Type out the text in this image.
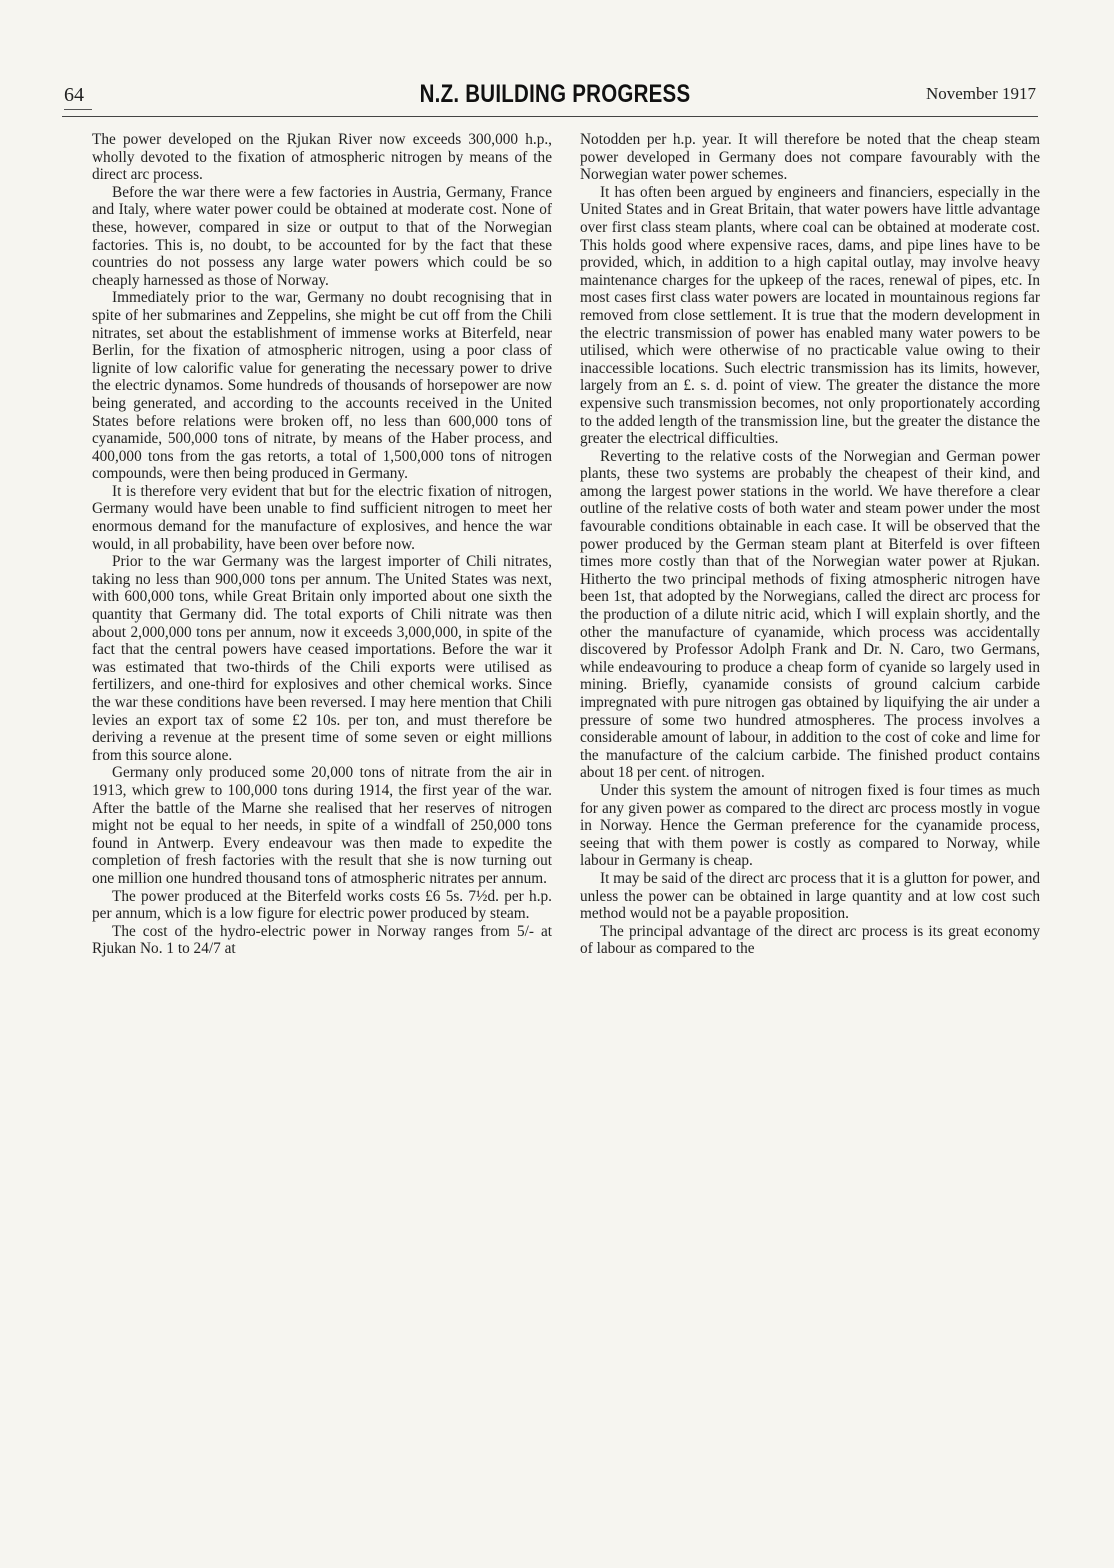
64	N.Z. BUILDING PROGRESS	November 1917

The power developed on the Rjukan River now exceeds 300,000 h.p., wholly devoted to the fixation of atmospheric nitrogen by means of the direct arc process.

Before the war there were a few factories in Austria, Germany, France and Italy, where water power could be obtained at moderate cost. None of these, however, compared in size or output to that of the Norwegian factories. This is, no doubt, to be accounted for by the fact that these countries do not possess any large water powers which could be so cheaply harnessed as those of Norway.

Immediately prior to the war, Germany no doubt recognising that in spite of her submarines and Zeppelins, she might be cut off from the Chili nitrates, set about the establishment of immense works at Biterfeld, near Berlin, for the fixation of atmospheric nitrogen, using a poor class of lignite of low calorific value for generating the necessary power to drive the electric dynamos. Some hundreds of thousands of horsepower are now being generated, and according to the accounts received in the United States before relations were broken off, no less than 600,000 tons of cyanamide, 500,000 tons of nitrate, by means of the Haber process, and 400,000 tons from the gas retorts, a total of 1,500,000 tons of nitrogen compounds, were then being produced in Germany.

It is therefore very evident that but for the electric fixation of nitrogen, Germany would have been unable to find sufficient nitrogen to meet her enormous demand for the manufacture of explosives, and hence the war would, in all probability, have been over before now.

Prior to the war Germany was the largest importer of Chili nitrates, taking no less than 900,000 tons per annum. The United States was next, with 600,000 tons, while Great Britain only imported about one sixth the quantity that Germany did. The total exports of Chili nitrate was then about 2,000,000 tons per annum, now it exceeds 3,000,000, in spite of the fact that the central powers have ceased importations. Before the war it was estimated that two-thirds of the Chili exports were utilised as fertilizers, and one-third for explosives and other chemical works. Since the war these conditions have been reversed. I may here mention that Chili levies an export tax of some £2 10s. per ton, and must therefore be deriving a revenue at the present time of some seven or eight millions from this source alone.

Germany only produced some 20,000 tons of nitrate from the air in 1913, which grew to 100,000 tons during 1914, the first year of the war. After the battle of the Marne she realised that her reserves of nitrogen might not be equal to her needs, in spite of a windfall of 250,000 tons found in Antwerp. Every endeavour was then made to expedite the completion of fresh factories with the result that she is now turning out one million one hundred thousand tons of atmospheric nitrates per annum.

The power produced at the Biterfeld works costs £6 5s. 7½d. per h.p. per annum, which is a low figure for electric power produced by steam.

The cost of the hydro-electric power in Norway ranges from 5/- at Rjukan No. 1 to 24/7 at

Notodden per h.p. year. It will therefore be noted that the cheap steam power developed in Germany does not compare favourably with the Norwegian water power schemes.

It has often been argued by engineers and financiers, especially in the United States and in Great Britain, that water powers have little advantage over first class steam plants, where coal can be obtained at moderate cost. This holds good where expensive races, dams, and pipe lines have to be provided, which, in addition to a high capital outlay, may involve heavy maintenance charges for the upkeep of the races, renewal of pipes, etc. In most cases first class water powers are located in mountainous regions far removed from close settlement. It is true that the modern development in the electric transmission of power has enabled many water powers to be utilised, which were otherwise of no practicable value owing to their inaccessible locations. Such electric transmission has its limits, however, largely from an £. s. d. point of view. The greater the distance the more expensive such transmission becomes, not only proportionately according to the added length of the transmission line, but the greater the distance the greater the electrical difficulties.

Reverting to the relative costs of the Norwegian and German power plants, these two systems are probably the cheapest of their kind, and among the largest power stations in the world. We have therefore a clear outline of the relative costs of both water and steam power under the most favourable conditions obtainable in each case. It will be observed that the power produced by the German steam plant at Biterfeld is over fifteen times more costly than that of the Norwegian water power at Rjukan. Hitherto the two principal methods of fixing atmospheric nitrogen have been 1st, that adopted by the Norwegians, called the direct arc process for the production of a dilute nitric acid, which I will explain shortly, and the other the manufacture of cyanamide, which process was accidentally discovered by Professor Adolph Frank and Dr. N. Caro, two Germans, while endeavouring to produce a cheap form of cyanide so largely used in mining. Briefly, cyanamide consists of ground calcium carbide impregnated with pure nitrogen gas obtained by liquifying the air under a pressure of some two hundred atmospheres. The process involves a considerable amount of labour, in addition to the cost of coke and lime for the manufacture of the calcium carbide. The finished product contains about 18 per cent. of nitrogen.

Under this system the amount of nitrogen fixed is four times as much for any given power as compared to the direct arc process mostly in vogue in Norway. Hence the German preference for the cyanamide process, seeing that with them power is costly as compared to Norway, while labour in Germany is cheap.

It may be said of the direct arc process that it is a glutton for power, and unless the power can be obtained in large quantity and at low cost such method would not be a payable proposition.

The principal advantage of the direct arc process is its great economy of labour as compared to the
